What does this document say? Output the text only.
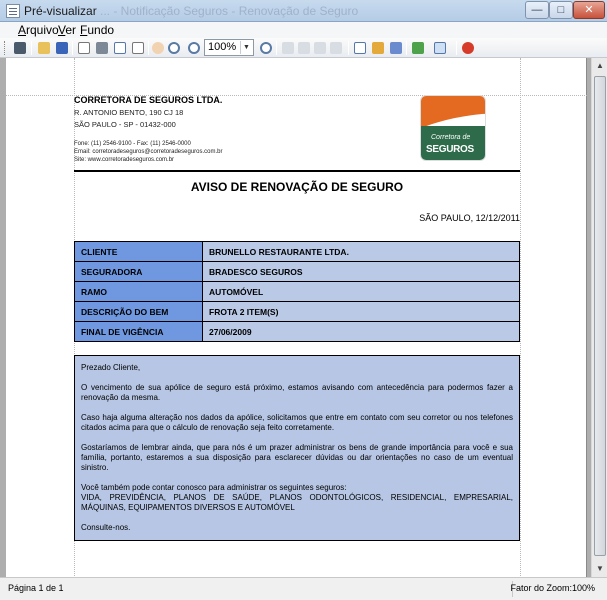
Pré-visualizar ... - Notificação Seguros - Renovação de Seguro	—	□	✕
Arquivo Ver Fundo
100% ▼
CORRETORA DE SEGUROS LTDA.
R. ANTONIO BENTO, 190 CJ 18
SÃO PAULO - SP - 01432-000
Fone: (11) 2546-9100 - Fax: (11) 2546-0000
Email: corretoradeseguros@corretoradeseguros.com.br
Site: www.corretoradeseguros.com.br
Corretora de
SEGUROS
AVISO DE RENOVAÇÃO DE SEGURO
SÃO PAULO, 12/12/2011
CLIENTE	BRUNELLO RESTAURANTE LTDA.
SEGURADORA	BRADESCO SEGUROS
RAMO	AUTOMÓVEL
DESCRIÇÃO DO BEM	FROTA 2 ITEM(S)
FINAL DE VIGÊNCIA	27/06/2009

Prezado Cliente,

O vencimento de sua apólice de seguro está próximo, estamos avisando com antecedência para podermos fazer a renovação da mesma.

Caso haja alguma alteração nos dados da apólice, solicitamos que entre em contato com seu corretor ou nos telefones citados acima para que o cálculo de renovação seja feito corretamente.

Gostaríamos de lembrar ainda, que para nós é um prazer administrar os bens de grande importância para você e sua família, portanto, estaremos a sua disposição para esclarecer dúvidas ou dar orientações no caso de um eventual sinistro.

Você também pode contar conosco para administrar os seguintes seguros:

VIDA, PREVIDÊNCIA, PLANOS DE SAÚDE, PLANOS ODONTOLÓGICOS, RESIDENCIAL, EMPRESARIAL, MÁQUINAS, EQUIPAMENTOS DIVERSOS E AUTOMÓVEL

Consulte-nos.

▲
▼
Página 1 de 1	Fator do Zoom:100%
